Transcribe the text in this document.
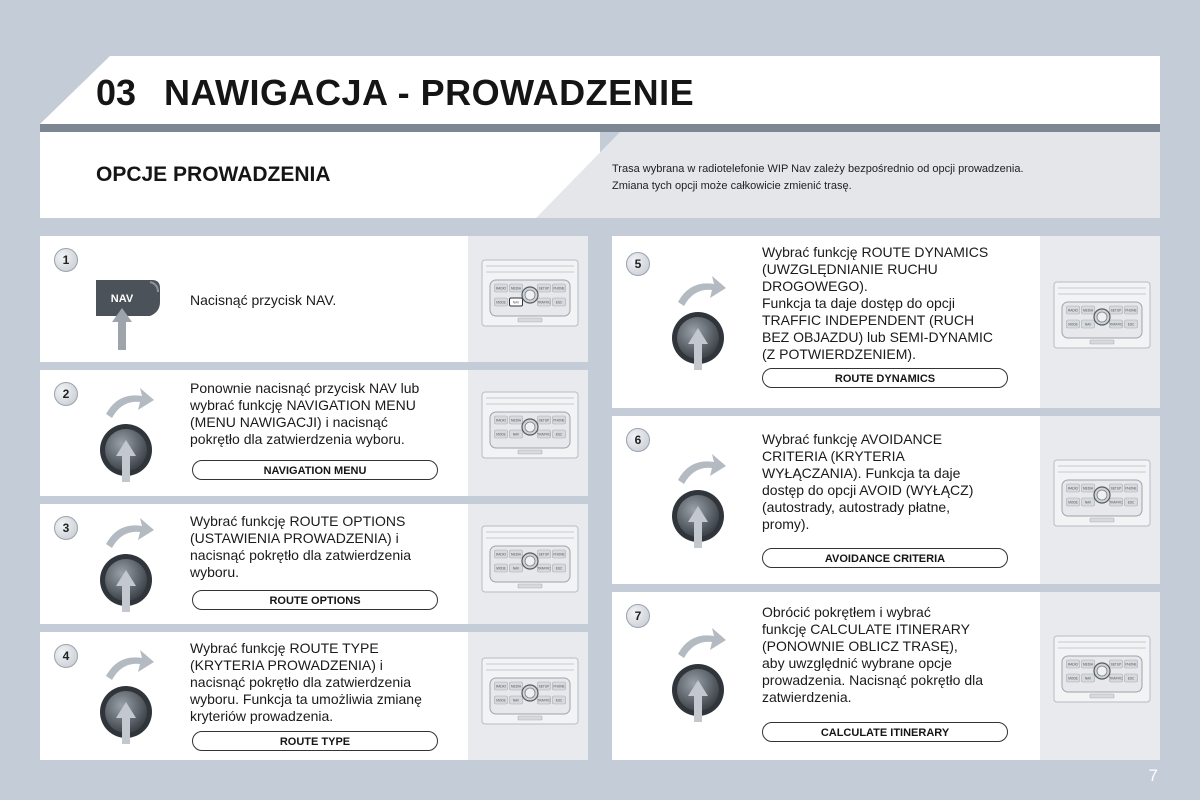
03 NAWIGACJA - PROWADZENIE
OPCJE PROWADZENIA	Trasa wybrana w radiotelefonie WIP Nav zależy bezpośrednio od opcji prowadzenia.
Zmiana tych opcji może całkowicie zmienić trasę.
RADIO
MODE
MEDIA
NAV
SETUP
TRAFFIC
PHONE
ESC
1
NAV	Nacisnąć przycisk NAV.
RADIO
MODE
MEDIA
NAV
SETUP
TRAFFIC
PHONE
ESC
2	Ponownie nacisnąć przycisk NAV lub
wybrać funkcję NAVIGATION MENU
(MENU NAWIGACJI) i nacisnąć
pokrętło dla zatwierdzenia wyboru.
NAVIGATION MENU
RADIO
MODE
MEDIA
NAV
SETUP
TRAFFIC
PHONE
ESC
3	Wybrać funkcję ROUTE OPTIONS
(USTAWIENIA PROWADZENIA) i
nacisnąć pokrętło dla zatwierdzenia
wyboru.
ROUTE OPTIONS
RADIO
MODE
MEDIA
NAV
SETUP
TRAFFIC
PHONE
ESC
4	Wybrać funkcję ROUTE TYPE
(KRYTERIA PROWADZENIA) i
nacisnąć pokrętło dla zatwierdzenia
wyboru. Funkcja ta umożliwia zmianę
kryteriów prowadzenia.
ROUTE TYPE
RADIO
MODE
MEDIA
NAV
SETUP
TRAFFIC
PHONE
ESC
5
Wybrać funkcję ROUTE DYNAMICS
(UWZGLĘDNIANIE RUCHU
DROGOWEGO).
Funkcja ta daje dostęp do opcji
TRAFFIC INDEPENDENT (RUCH
BEZ OBJAZDU) lub SEMI-DYNAMIC
(Z POTWIERDZENIEM).
ROUTE DYNAMICS
RADIO
MODE
MEDIA
NAV
SETUP
TRAFFIC
PHONE
ESC
6	Wybrać funkcję AVOIDANCE
CRITERIA (KRYTERIA
WYŁĄCZANIA). Funkcja ta daje
dostęp do opcji AVOID (WYŁĄCZ)
(autostrady, autostrady płatne,
promy).
AVOIDANCE CRITERIA
RADIO
MODE
MEDIA
NAV
SETUP
TRAFFIC
PHONE
ESC
7	Obrócić pokrętłem i wybrać
funkcję CALCULATE ITINERARY
(PONOWNIE OBLICZ TRASĘ),
aby uwzględnić wybrane opcje
prowadzenia. Nacisnąć pokrętło dla
zatwierdzenia.
CALCULATE ITINERARY
7
